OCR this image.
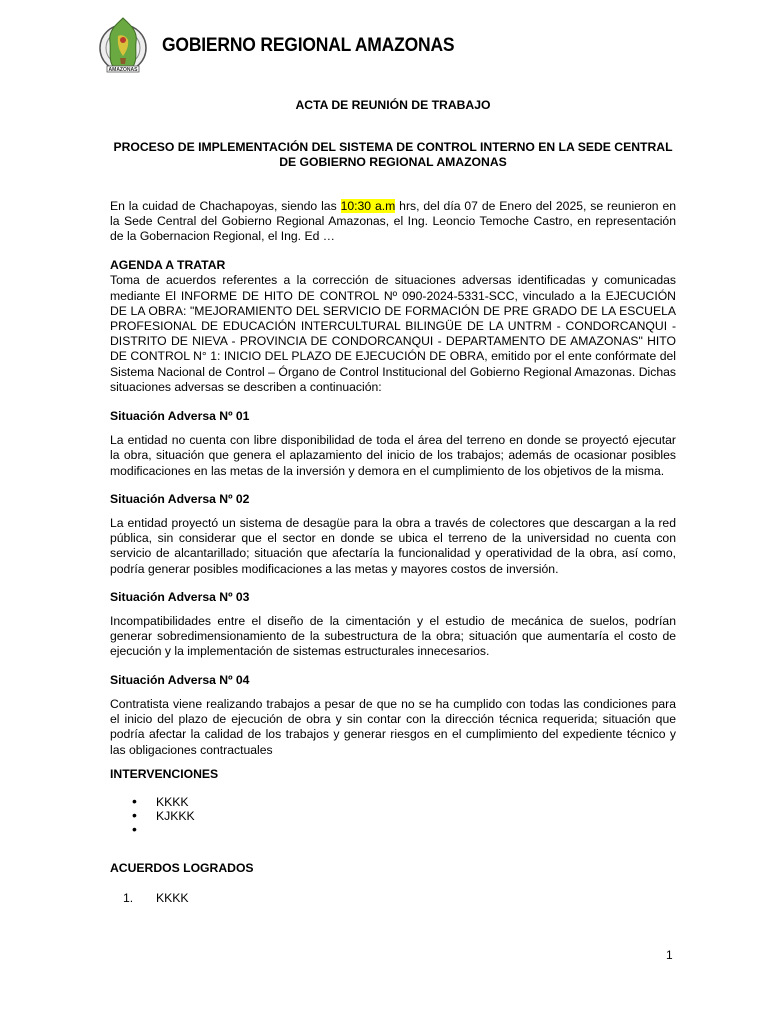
AMAZONAS
GOBIERNO REGIONAL AMAZONAS
ACTA DE REUNIÓN DE TRABAJO
PROCESO DE IMPLEMENTACIÓN DEL SISTEMA DE CONTROL INTERNO EN LA SEDE CENTRAL DE GOBIERNO REGIONAL AMAZONAS
En la cuidad de Chachapoyas, siendo las 10:30 a.m hrs, del día 07 de Enero del 2025, se reunieron en la Sede Central del Gobierno Regional Amazonas, el Ing. Leoncio Temoche Castro, en representación de la Gobernacion Regional, el Ing. Ed …
AGENDA A TRATAR
Toma de acuerdos referentes a la corrección de situaciones adversas identificadas y comunicadas mediante El INFORME DE HITO DE CONTROL Nº 090-2024-5331-SCC, vinculado a la EJECUCIÓN DE LA OBRA: "MEJORAMIENTO DEL SERVICIO DE FORMACIÓN DE PRE GRADO DE LA ESCUELA PROFESIONAL DE EDUCACIÓN INTERCULTURAL BILINGÜE DE LA UNTRM - CONDORCANQUI - DISTRITO DE NIEVA - PROVINCIA DE CONDORCANQUI - DEPARTAMENTO DE AMAZONAS" HITO DE CONTROL N° 1: INICIO DEL PLAZO DE EJECUCIÓN DE OBRA, emitido por el ente confórmate del Sistema Nacional de Control – Órgano de Control Institucional del Gobierno Regional Amazonas. Dichas situaciones adversas se describen a continuación:
Situación Adversa Nº 01
La entidad no cuenta con libre disponibilidad de toda el área del terreno en donde se proyectó ejecutar la obra, situación que genera el aplazamiento del inicio de los trabajos; además de ocasionar posibles modificaciones en las metas de la inversión y demora en el cumplimiento de los objetivos de la misma.
Situación Adversa Nº 02
La entidad proyectó un sistema de desagüe para la obra a través de colectores que descargan a la red pública, sin considerar que el sector en donde se ubica el terreno de la universidad no cuenta con servicio de alcantarillado; situación que afectaría la funcionalidad y operatividad de la obra, así como, podría generar posibles modificaciones a las metas y mayores costos de inversión.
Situación Adversa Nº 03
Incompatibilidades entre el diseño de la cimentación y el estudio de mecánica de suelos, podrían generar sobredimensionamiento de la subestructura de la obra; situación que aumentaría el costo de ejecución y la implementación de sistemas estructurales innecesarios.
Situación Adversa Nº 04
Contratista viene realizando trabajos a pesar de que no se ha cumplido con todas las condiciones para el inicio del plazo de ejecución de obra y sin contar con la dirección técnica requerida; situación que podría afectar la calidad de los trabajos y generar riesgos en el cumplimiento del expediente técnico y las obligaciones contractuales
INTERVENCIONES
• KKKK
• KJKKK
•
ACUERDOS LOGRADOS
1. KKKK
1
